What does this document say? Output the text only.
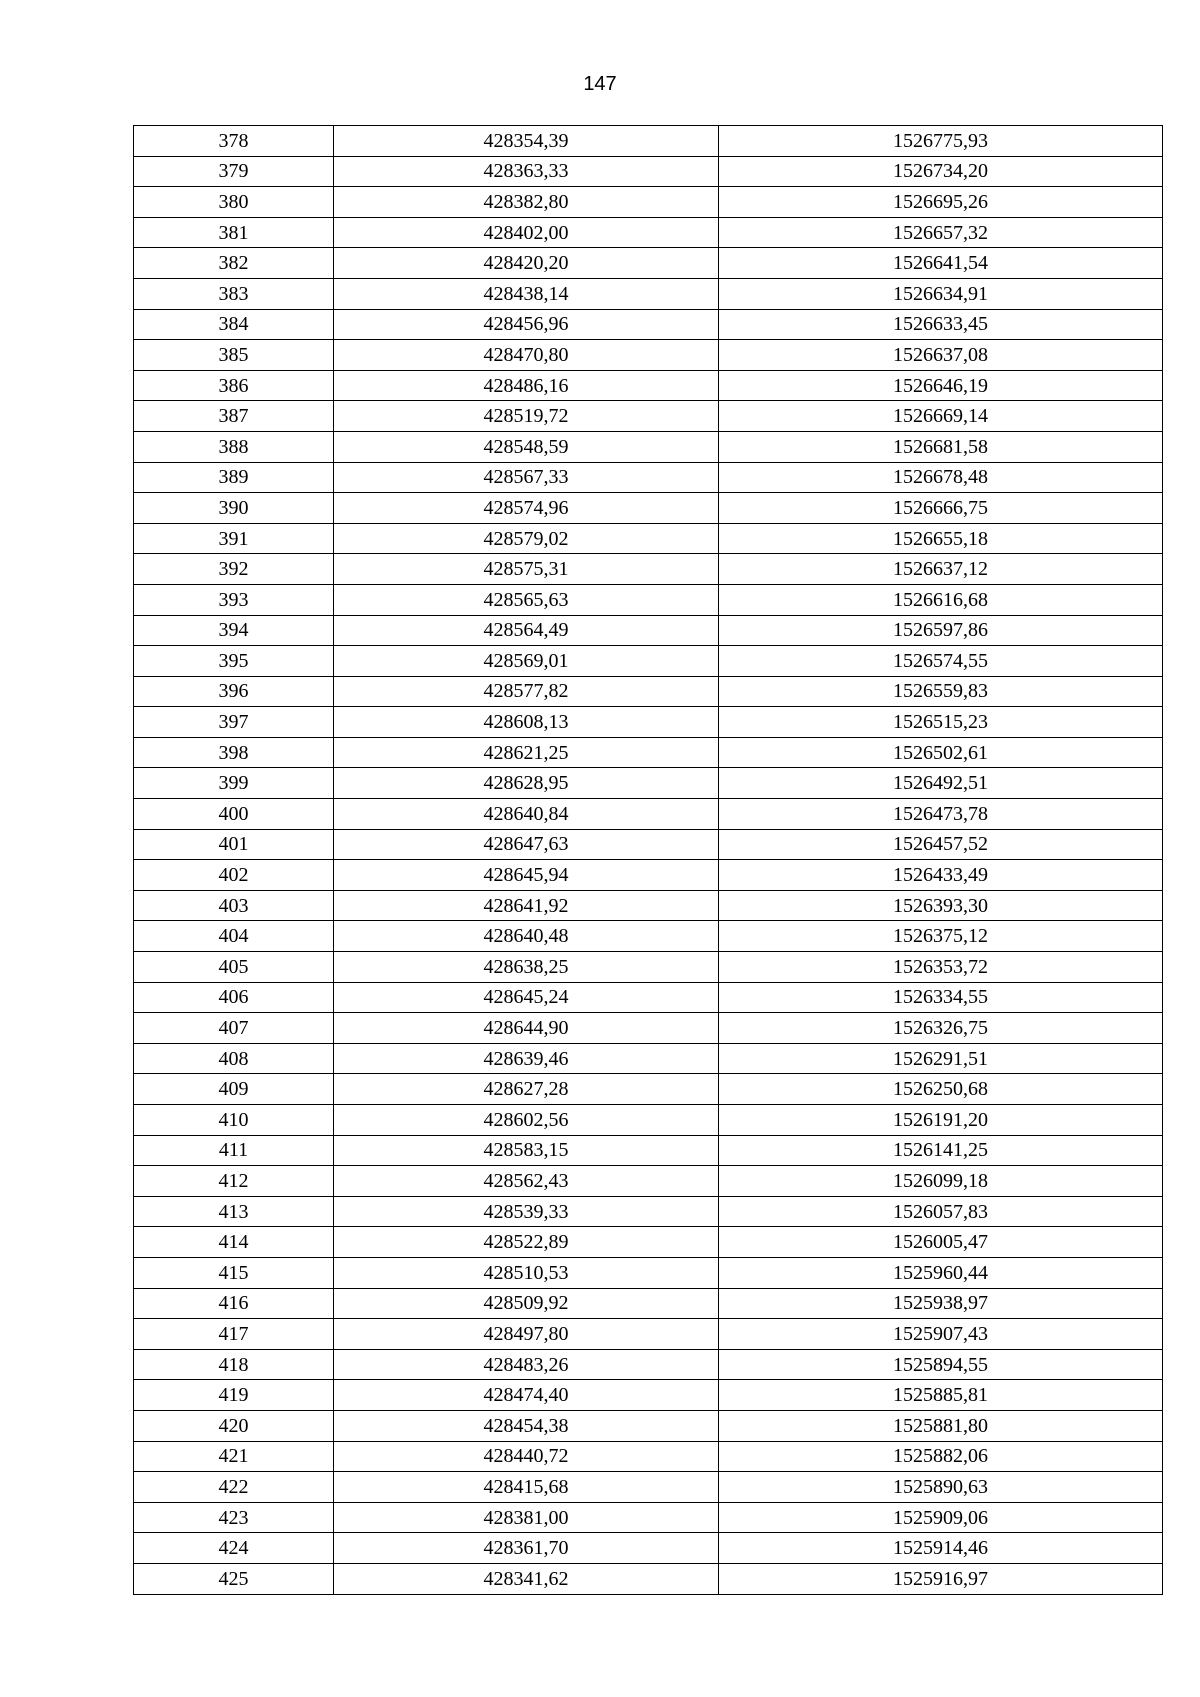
147
378	428354,39	1526775,93
379	428363,33	1526734,20
380	428382,80	1526695,26
381	428402,00	1526657,32
382	428420,20	1526641,54
383	428438,14	1526634,91
384	428456,96	1526633,45
385	428470,80	1526637,08
386	428486,16	1526646,19
387	428519,72	1526669,14
388	428548,59	1526681,58
389	428567,33	1526678,48
390	428574,96	1526666,75
391	428579,02	1526655,18
392	428575,31	1526637,12
393	428565,63	1526616,68
394	428564,49	1526597,86
395	428569,01	1526574,55
396	428577,82	1526559,83
397	428608,13	1526515,23
398	428621,25	1526502,61
399	428628,95	1526492,51
400	428640,84	1526473,78
401	428647,63	1526457,52
402	428645,94	1526433,49
403	428641,92	1526393,30
404	428640,48	1526375,12
405	428638,25	1526353,72
406	428645,24	1526334,55
407	428644,90	1526326,75
408	428639,46	1526291,51
409	428627,28	1526250,68
410	428602,56	1526191,20
411	428583,15	1526141,25
412	428562,43	1526099,18
413	428539,33	1526057,83
414	428522,89	1526005,47
415	428510,53	1525960,44
416	428509,92	1525938,97
417	428497,80	1525907,43
418	428483,26	1525894,55
419	428474,40	1525885,81
420	428454,38	1525881,80
421	428440,72	1525882,06
422	428415,68	1525890,63
423	428381,00	1525909,06
424	428361,70	1525914,46
425	428341,62	1525916,97
